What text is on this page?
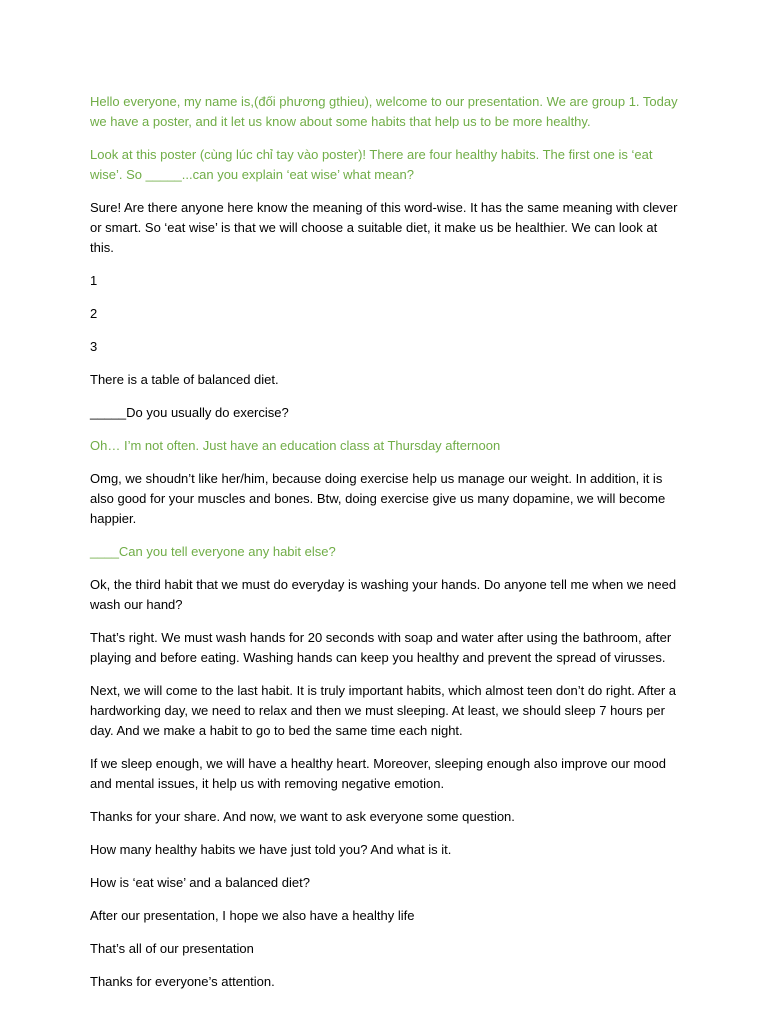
Hello everyone, my name is,(đối phương gthieu), welcome to our presentation. We are group 1. Today we have a poster, and it let us know about some habits that help us to be more healthy.

Look at this poster (cùng lúc chỉ tay vào poster)! There are four healthy habits. The first one is ‘eat wise’. So _____...can you explain ‘eat wise’ what mean?

Sure! Are there anyone here know the meaning of this word-wise. It has the same meaning with clever or smart. So ‘eat wise’ is that we will choose a suitable diet, it make us be healthier. We can look at this.

1

2

3

There is a table of balanced diet.

_____Do you usually do exercise?

Oh… I’m not often. Just have an education class at Thursday afternoon

Omg, we shoudn’t like her/him, because doing exercise help us manage our weight. In addition, it is also good for your muscles and bones. Btw, doing exercise give us many dopamine, we will become happier.

____Can you tell everyone any habit else?

Ok, the third habit that we must do everyday is washing your hands. Do anyone tell me when we need wash our hand?

That’s right. We must wash hands for 20 seconds with soap and water after using the bathroom, after playing and before eating. Washing hands can keep you healthy and prevent the spread of virusses.

Next, we will come to the last habit. It is truly important habits, which almost teen don’t do right. After a hardworking day, we need to relax and then we must sleeping. At least, we should sleep 7 hours per day. And we make a habit to go to bed the same time each night.

If we sleep enough, we will have a healthy heart. Moreover, sleeping enough also improve our mood and mental issues, it help us with removing negative emotion.

Thanks for your share. And now, we want to ask everyone some question.

How many healthy habits we have just told you? And what is it.

How is ‘eat wise’ and a balanced diet?

After our presentation, I hope we also have a healthy life

That’s all of our presentation

Thanks for everyone’s attention.
